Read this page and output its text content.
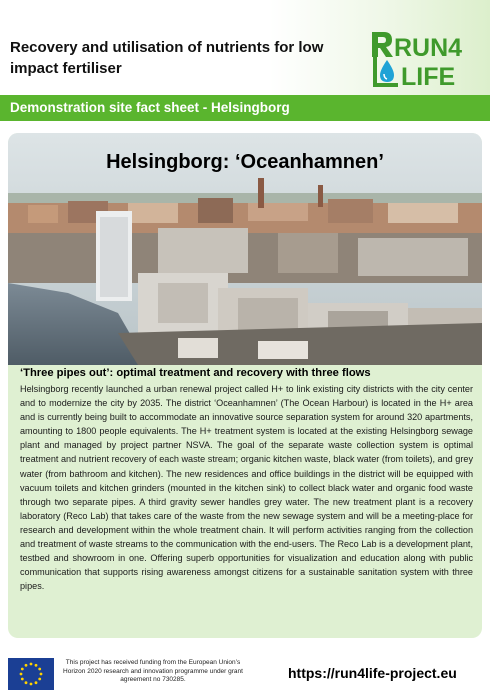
Recovery and utilisation of nutrients for low impact fertiliser
RUN4
LIFE
Demonstration site fact sheet - Helsingborg
Helsingborg: ‘Oceanhamnen’
‘Three pipes out’: optimal treatment and recovery with three flows
Helsingborg recently launched a urban renewal project called H+ to link existing city districts with the city center and to modernize the city by 2035. The district ‘Oceanhamnen’ (The Ocean Harbour) is located in the H+ area and is currently being built to accommodate an innovative source separation system for around 320 apartments, amounting to 1800 people equivalents. The H+ treatment system is located at the existing Helsingborg sewage plant and managed by project partner NSVA. The goal of the separate waste collection system is optimal treatment and nutrient recovery of each waste stream; organic kitchen waste, black water (from toilets), and grey water (from bathroom and kitchen). The new residences and office buildings in the district will be equipped with vacuum toilets and kitchen grinders (mounted in the kitchen sink) to collect black water and organic food waste through two separate pipes. A third gravity sewer handles grey water. The new treatment plant is a recovery laboratory (Reco Lab) that takes care of the waste from the new sewage system and will be a meeting-place for research and development within the whole treatment chain. It will perform activities ranging from the collection and treatment of waste streams to the communication with the end-users. The Reco Lab is a development plant, testbed and showroom in one. Offering superb opportunities for visualization and education along with public communication that supports rising awareness amongst citizens for a sustainable sanitation system with three pipes.
This project has received funding from the European Union’s Horizon 2020 research and innovation programme under grant agreement no 730285.	https://run4life-project.eu
